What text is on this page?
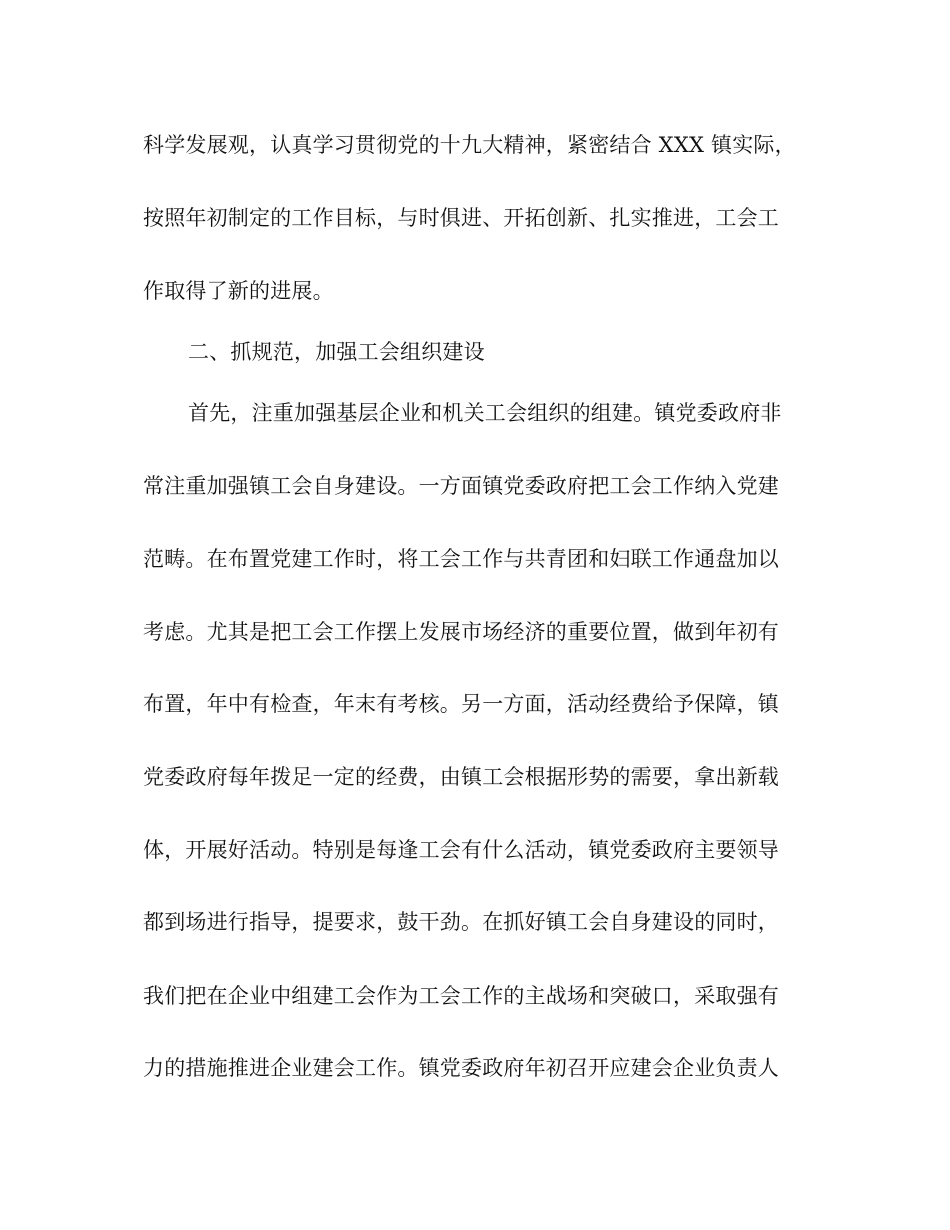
科学发展观，认真学习贯彻党的十九大精神，紧密结合 XXX 镇实际，
按照年初制定的工作目标，与时俱进、开拓创新、扎实推进，工会工
作取得了新的进展。
二、抓规范，加强工会组织建设
首先，注重加强基层企业和机关工会组织的组建。镇党委政府非
常注重加强镇工会自身建设。一方面镇党委政府把工会工作纳入党建
范畴。在布置党建工作时，将工会工作与共青团和妇联工作通盘加以
考虑。尤其是把工会工作摆上发展市场经济的重要位置，做到年初有
布置，年中有检查，年末有考核。另一方面，活动经费给予保障，镇
党委政府每年拨足一定的经费，由镇工会根据形势的需要，拿出新载
体，开展好活动。特别是每逢工会有什么活动，镇党委政府主要领导
都到场进行指导，提要求，鼓干劲。在抓好镇工会自身建设的同时，
我们把在企业中组建工会作为工会工作的主战场和突破口，采取强有
力的措施推进企业建会工作。镇党委政府年初召开应建会企业负责人
